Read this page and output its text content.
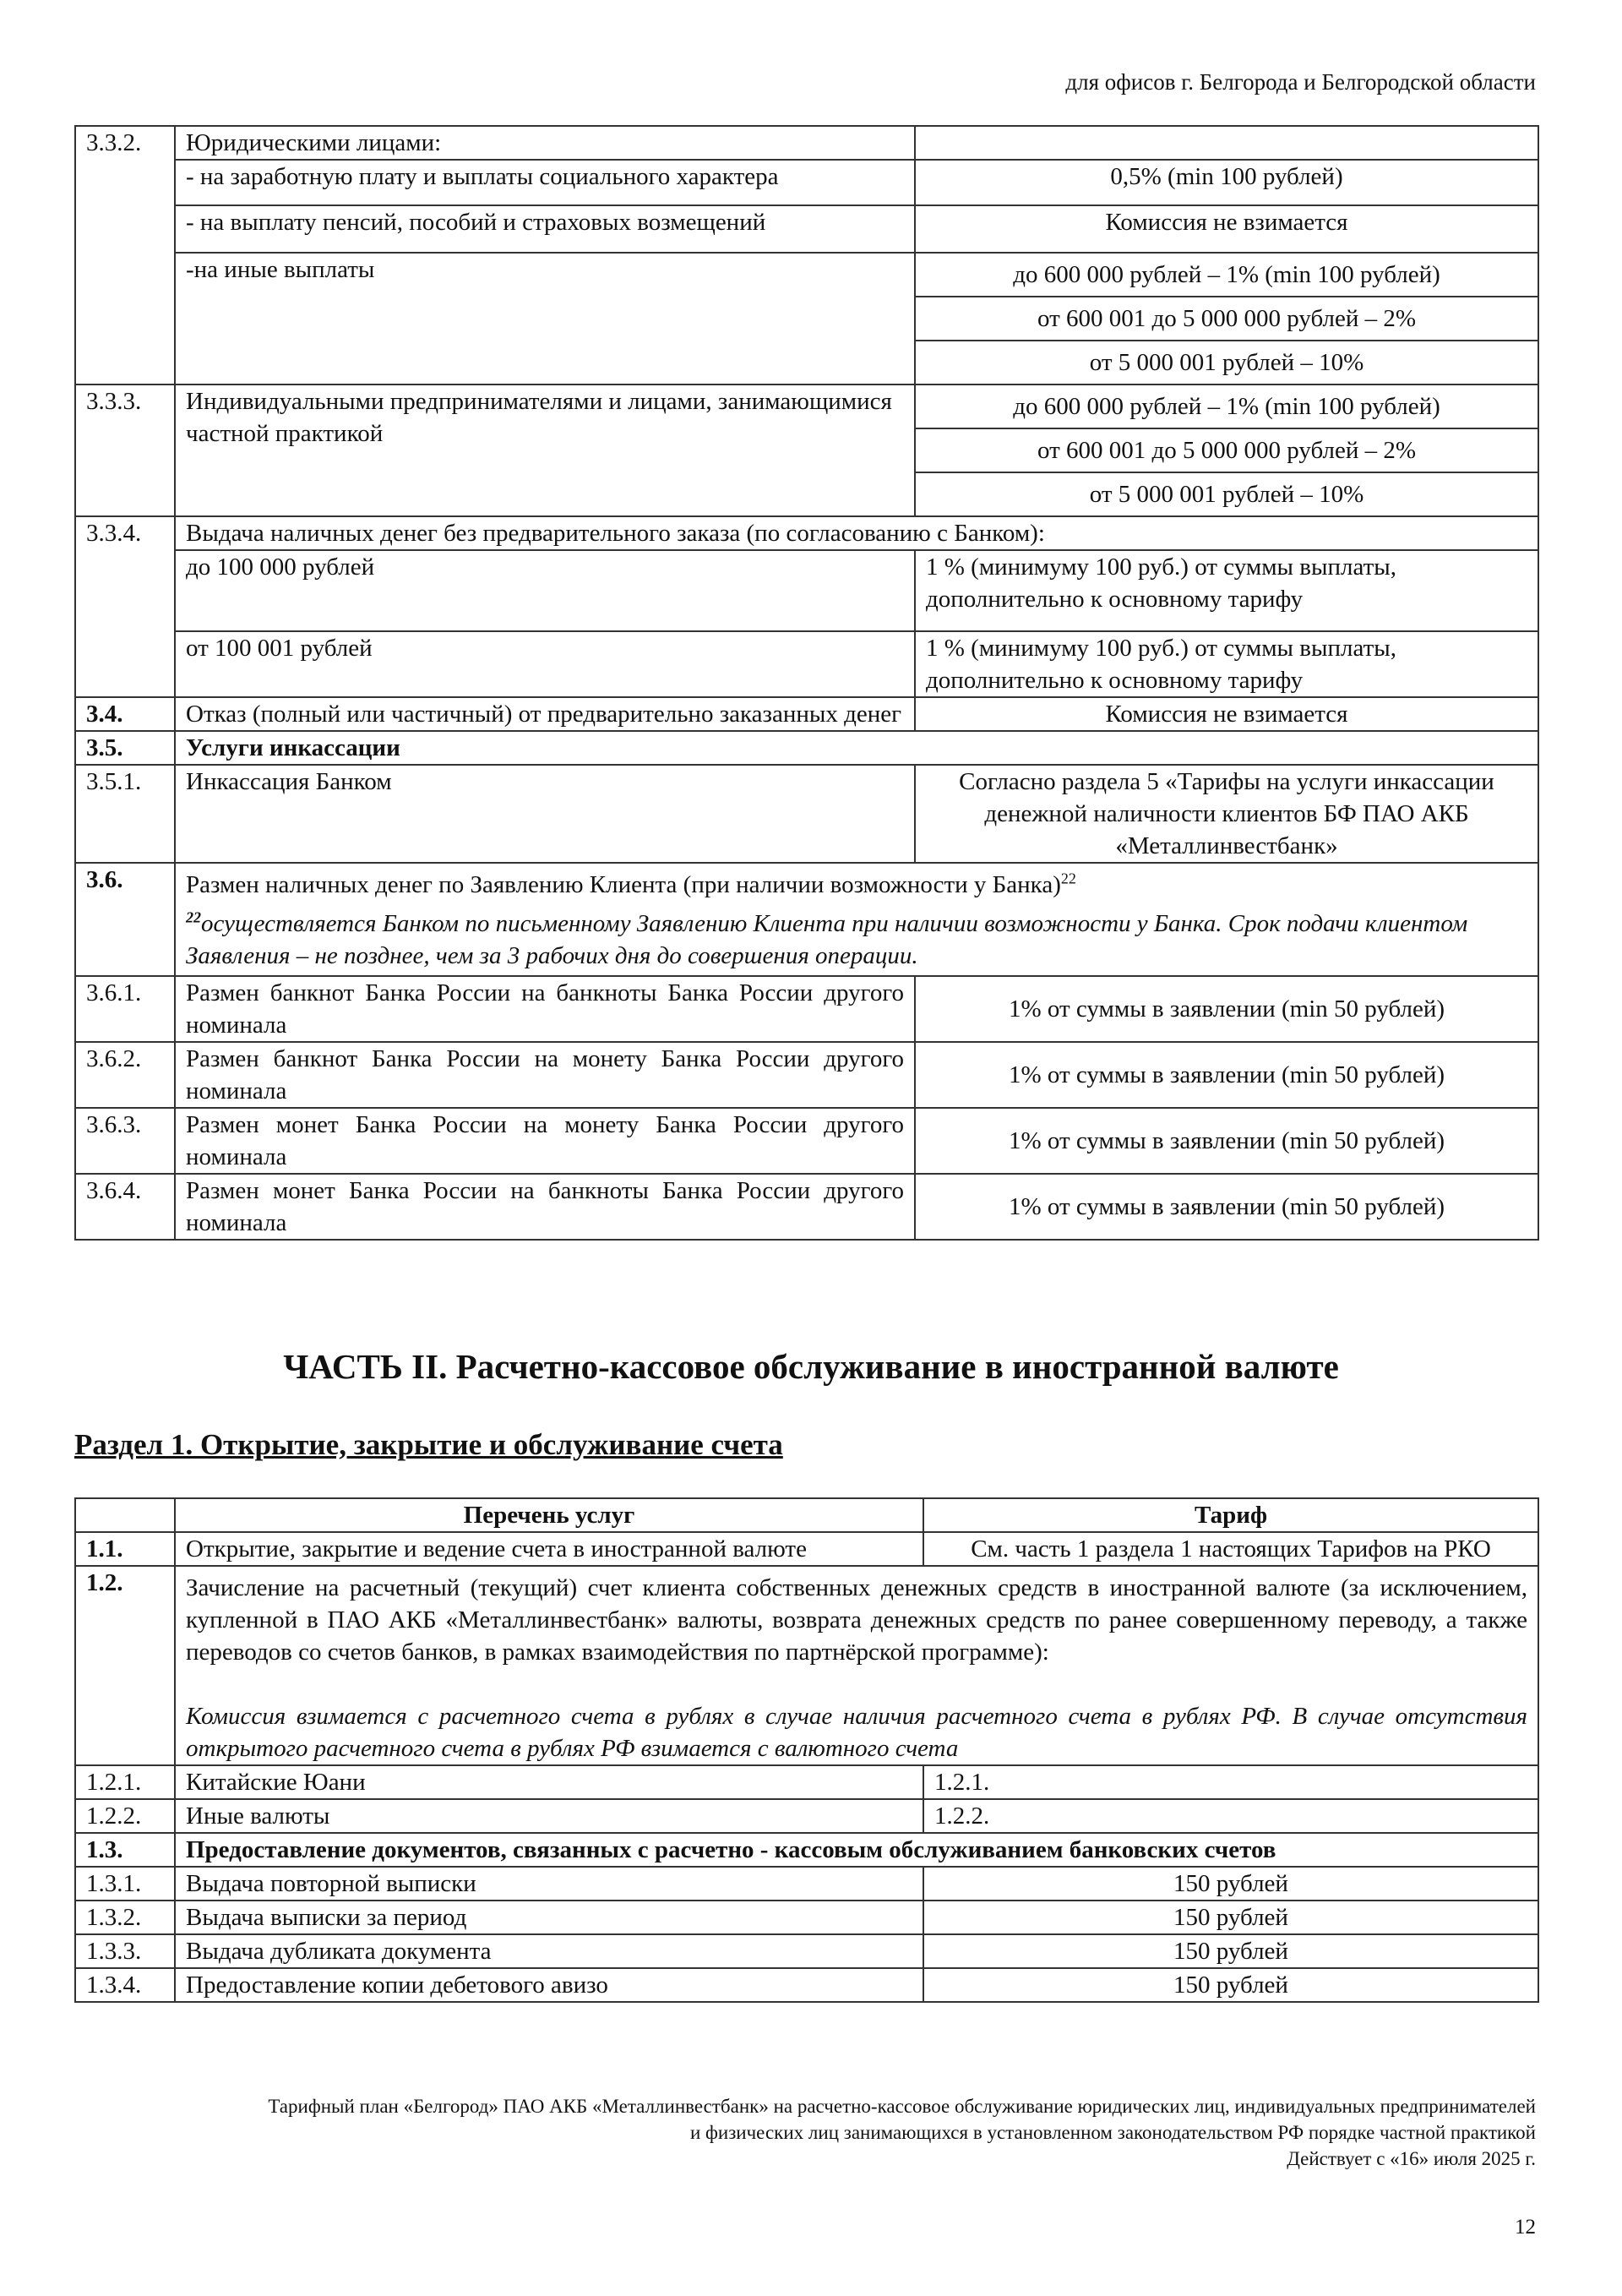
для офисов г. Белгорода и Белгородской области
3.3.2.	Юридическими лицами:	
	- на заработную плату и выплаты социального характера	0,5% (min 100 рублей)
	- на выплату пенсий, пособий и страховых возмещений	Комиссия не взимается
	-на иные выплаты	до 600 000 рублей – 1% (min 100 рублей)
		от 600 001 до 5 000 000 рублей – 2%
		от 5 000 001 рублей – 10%
3.3.3.	Индивидуальными предпринимателями и лицами, занимающимися частной практикой	до 600 000 рублей – 1% (min 100 рублей)
		от 600 001 до 5 000 000 рублей – 2%
		от 5 000 001 рублей – 10%
3.3.4.	Выдача наличных денег без предварительного заказа (по согласованию с Банком):	
	до 100 000 рублей	1 % (минимуму 100 руб.) от суммы выплаты, дополнительно к основному тарифу
	от 100 001 рублей	1 % (минимуму 100 руб.) от суммы выплаты, дополнительно к основному тарифу
3.4.	Отказ (полный или частичный) от предварительно заказанных денег	Комиссия не взимается
3.5.	Услуги инкассации	
3.5.1.	Инкассация Банком	Согласно раздела 5 «Тарифы на услуги инкассации денежной наличности клиентов БФ ПАО АКБ «Металлинвестбанк»
3.6.	Размен наличных денег по Заявлению Клиента (при наличии возможности у Банка)$^{22}$
$^{22}$осуществляется Банком по письменному Заявлению Клиента при наличии возможности у Банка. Срок подачи клиентом Заявления – не позднее, чем за 3 рабочих дня до совершения операции.	

3.6.1.	Размен банкнот Банка России на банкноты Банка России другого номинала	1% от суммы в заявлении (min 50 рублей)
3.6.2.	Размен банкнот Банка России на монету Банка России другого номинала	1% от суммы в заявлении (min 50 рублей)
3.6.3.	Размен монет Банка России на монету Банка России другого номинала	1% от суммы в заявлении (min 50 рублей)
3.6.4.	Размен монет Банка России на банкноты Банка России другого номинала	1% от суммы в заявлении (min 50 рублей)
ЧАСТЬ II. Расчетно-кассовое обслуживание в иностранной валюте
Раздел 1. Открытие, закрытие и обслуживание счета
	Перечень услуг	Тариф
1.1.	Открытие, закрытие и ведение счета в иностранной валюте	См. часть 1 раздела 1 настоящих Тарифов на РКО
1.2.	Зачисление на расчетный (текущий) счет клиента собственных денежных средств в иностранной валюте (за исключением, купленной в ПАО АКБ «Металлинвестбанк» валюты, возврата денежных средств по ранее совершенному переводу, а также переводов со счетов банков, в рамках взаимодействия по партнёрской программе):
Комиссия взимается с расчетного счета в рублях в случае наличия расчетного счета в рублях РФ. В случае отсутствия открытого расчетного счета в рублях РФ взимается с валютного счета	

1.2.1.	Китайские Юани	1.2.1.
1.2.2.	Иные валюты	1.2.2.
1.3.	Предоставление документов, связанных с расчетно - кассовым обслуживанием банковских счетов	
1.3.1.	Выдача повторной выписки	150 рублей
1.3.2.	Выдача выписки за период	150 рублей
1.3.3.	Выдача дубликата документа	150 рублей
1.3.4.	Предоставление копии дебетового авизо	150 рублей
Тарифный план «Белгород» ПАО АКБ «Металлинвестбанк» на расчетно-кассовое обслуживание юридических лиц, индивидуальных предпринимателей
и физических лиц занимающихся в установленном законодательством РФ порядке частной практикой
Действует с «16» июля 2025 г.
12
